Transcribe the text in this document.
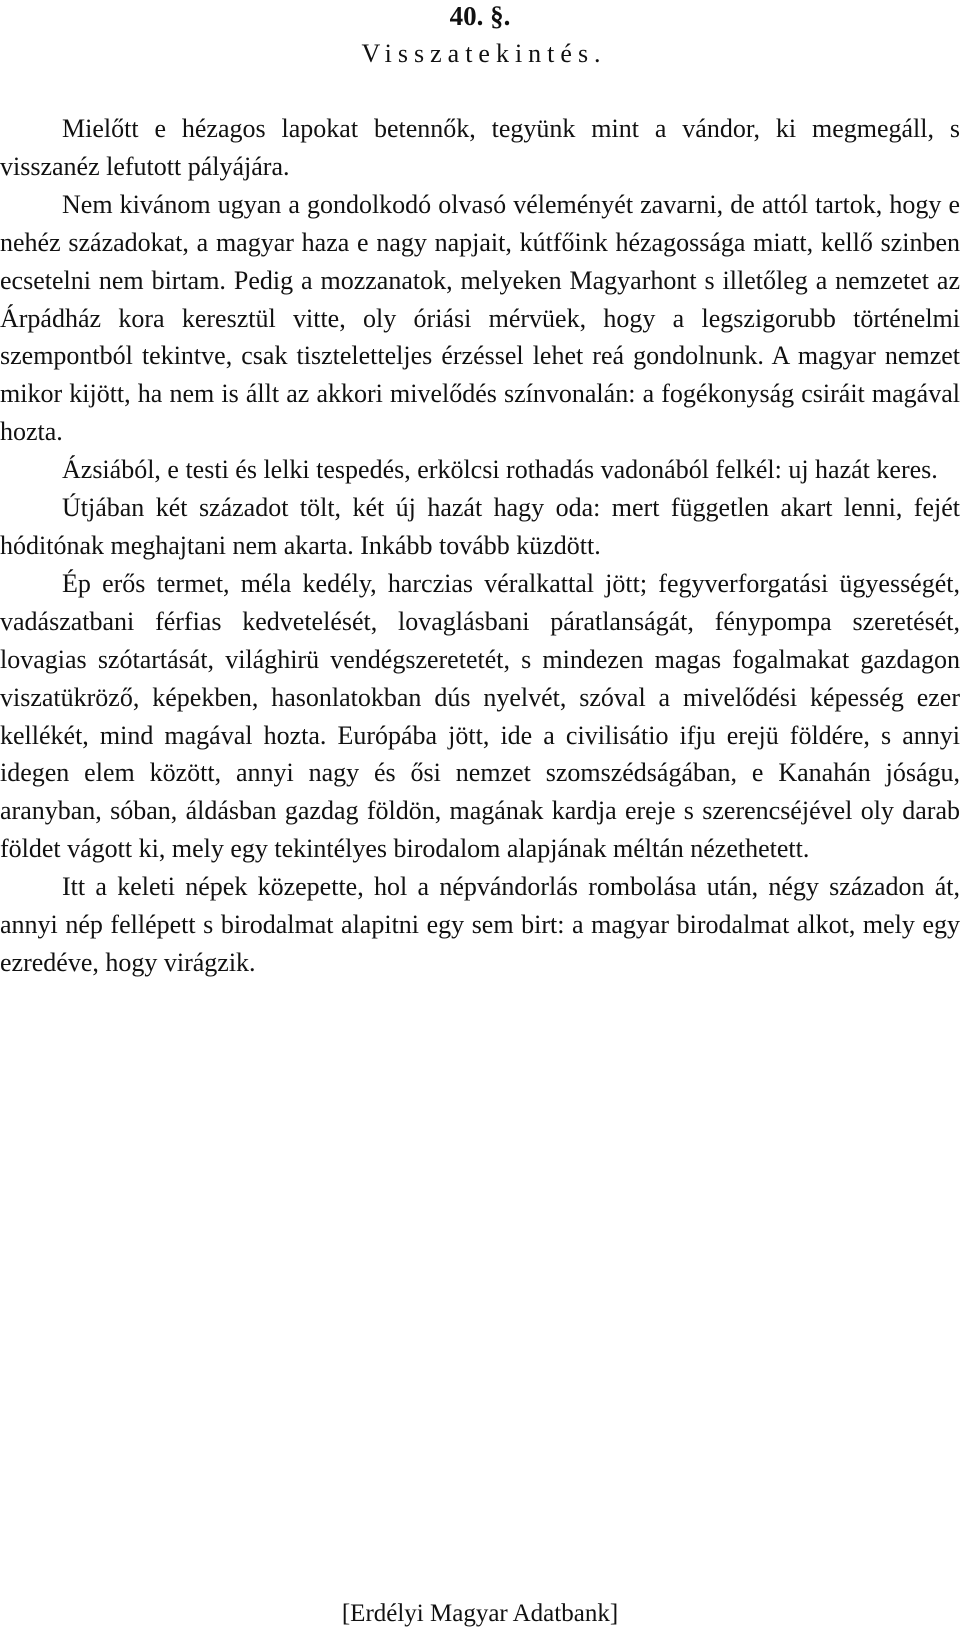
40. §.
Visszatekintés.

Mielőtt e hézagos lapokat betennők, tegyünk mint a vándor, ki megmegáll, s visszanéz lefutott pályájára.

Nem kivánom ugyan a gondolkodó olvasó véleményét zavarni, de attól tartok, hogy e nehéz századokat, a magyar haza e nagy napjait, kútfőink hézagossága miatt, kellő szinben ecsetelni nem birtam. Pedig a mozzanatok, melyeken Magyarhont s illetőleg a nemzetet az Árpádház kora keresztül vitte, oly óriási mérvüek, hogy a legszigorubb történelmi szempontból tekintve, csak tiszteletteljes érzéssel lehet reá gondolnunk. A magyar nemzet mikor kijött, ha nem is állt az akkori mivelődés színvonalán: a fogékonyság csiráit magával hozta.

Ázsiából, e testi és lelki tespedés, erkölcsi rothadás vadonából felkél: uj hazát keres.

Útjában két századot tölt, két új hazát hagy oda: mert független akart lenni, fejét hóditónak meghajtani nem akarta. Inkább tovább küzdött.

Ép erős termet, méla kedély, harczias véralkattal jött; fegyverforgatási ügyességét, vadászatbani férfias kedvetelését, lovaglásbani páratlanságát, fénypompa szeretését, lovagias szótartását, világhirü vendégszeretetét, s mindezen magas fogalmakat gazdagon viszatükröző, képekben, hasonlatokban dús nyelvét, szóval a mivelődési képesség ezer kellékét, mind magával hozta. Európába jött, ide a civilisátio ifju erejü földére, s annyi idegen elem között, annyi nagy és ősi nemzet szomszédságában, e Kanahán jóságu, aranyban, sóban, áldásban gazdag földön, magának kardja ereje s szerencséjével oly darab földet vágott ki, mely egy tekintélyes birodalom alapjának méltán nézethetett.

Itt a keleti népek közepette, hol a népvándorlás rombolása után, négy századon át, annyi nép fellépett s birodalmat alapitni egy sem birt: a magyar birodalmat alkot, mely egy ezredéve, hogy virágzik.

[Erdélyi Magyar Adatbank]
